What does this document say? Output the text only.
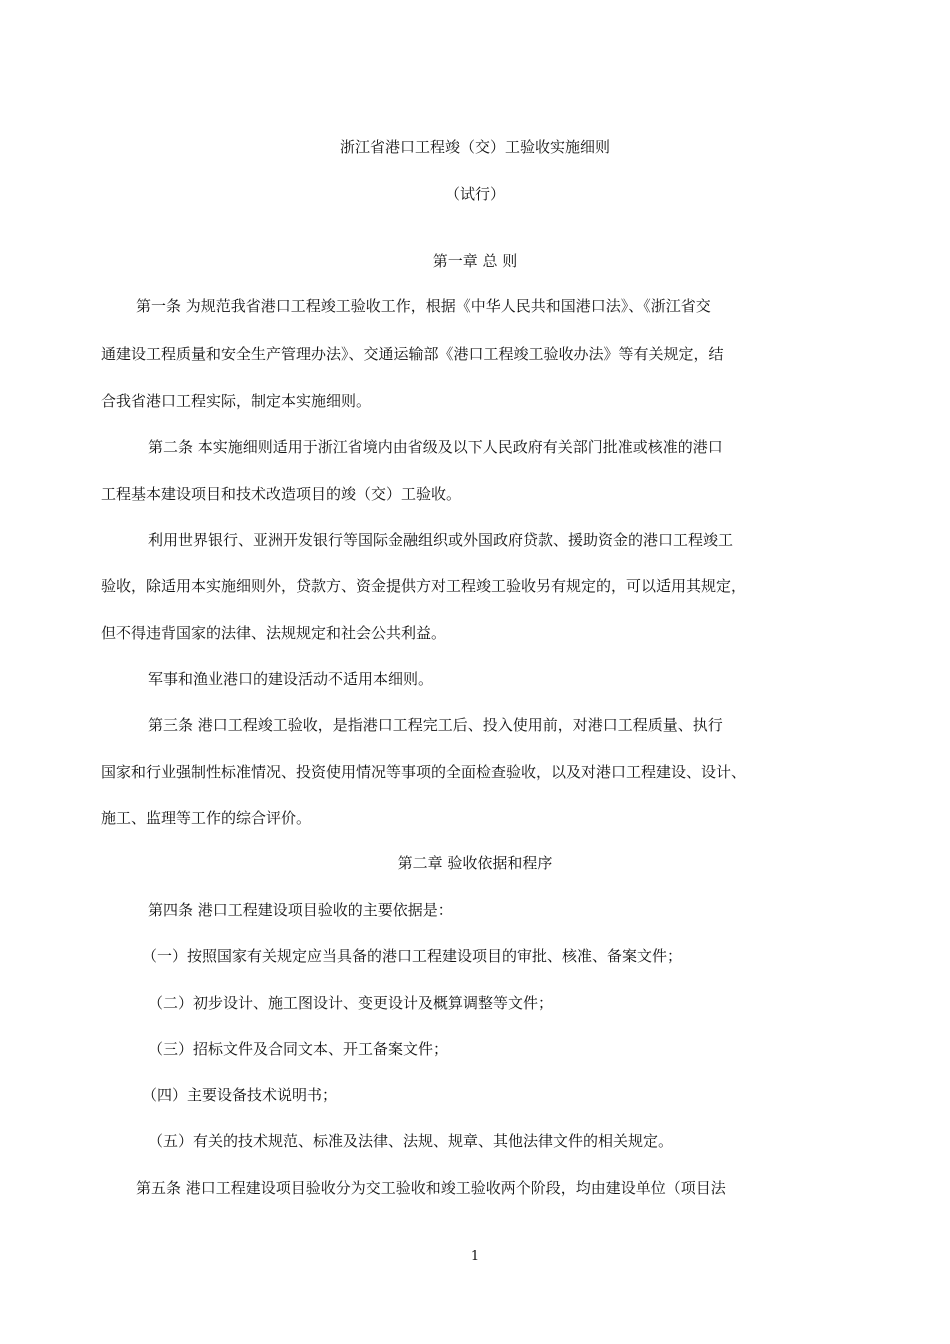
浙江省港口工程竣（交）工验收实施细则
（试行）
第一章 总 则
第一条 为规范我省港口工程竣工验收工作，根据《中华人民共和国港口法》、《浙江省交
通建设工程质量和安全生产管理办法》、交通运输部《港口工程竣工验收办法》等有关规定，结
合我省港口工程实际，制定本实施细则。
第二条 本实施细则适用于浙江省境内由省级及以下人民政府有关部门批准或核准的港口
工程基本建设项目和技术改造项目的竣（交）工验收。
利用世界银行、亚洲开发银行等国际金融组织或外国政府贷款、援助资金的港口工程竣工
验收，除适用本实施细则外，贷款方、资金提供方对工程竣工验收另有规定的，可以适用其规定，
但不得违背国家的法律、法规规定和社会公共利益。
军事和渔业港口的建设活动不适用本细则。
第三条 港口工程竣工验收，是指港口工程完工后、投入使用前，对港口工程质量、执行
国家和行业强制性标准情况、投资使用情况等事项的全面检查验收，以及对港口工程建设、设计、
施工、监理等工作的综合评价。
第二章 验收依据和程序
第四条 港口工程建设项目验收的主要依据是：
（一）按照国家有关规定应当具备的港口工程建设项目的审批、核准、备案文件；
（二）初步设计、施工图设计、变更设计及概算调整等文件；
（三）招标文件及合同文本、开工备案文件；
（四）主要设备技术说明书；
（五）有关的技术规范、标准及法律、法规、规章、其他法律文件的相关规定。
第五条 港口工程建设项目验收分为交工验收和竣工验收两个阶段，均由建设单位（项目法
1
